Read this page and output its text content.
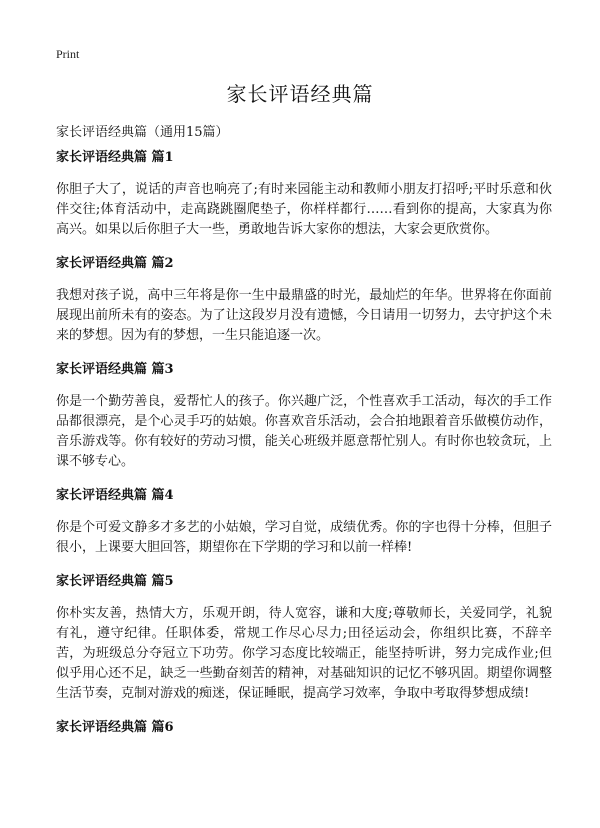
Print
家长评语经典篇
家长评语经典篇（通用15篇）
家长评语经典篇 篇1

你胆子大了，说话的声音也响亮了;有时来园能主动和教师小朋友打招呼;平时乐意和伙伴交往;体育活动中，走高跷跳圈爬垫子，你样样都行……看到你的提高，大家真为你高兴。如果以后你胆子大一些，勇敢地告诉大家你的想法，大家会更欣赏你。

家长评语经典篇 篇2

我想对孩子说，高中三年将是你一生中最鼎盛的时光，最灿烂的年华。世界将在你面前展现出前所未有的姿态。为了让这段岁月没有遗憾，今日请用一切努力，去守护这个未来的梦想。因为有的梦想，一生只能追逐一次。

家长评语经典篇 篇3

你是一个勤劳善良，爱帮忙人的孩子。你兴趣广泛，个性喜欢手工活动，每次的手工作品都很漂亮，是个心灵手巧的姑娘。你喜欢音乐活动，会合拍地跟着音乐做模仿动作，音乐游戏等。你有较好的劳动习惯，能关心班级并愿意帮忙别人。有时你也较贪玩，上课不够专心。

家长评语经典篇 篇4

你是个可爱文静多才多艺的小姑娘，学习自觉，成绩优秀。你的字也得十分棒，但胆子很小，上课要大胆回答，期望你在下学期的学习和以前一样棒!

家长评语经典篇 篇5

你朴实友善，热情大方，乐观开朗，待人宽容，谦和大度;尊敬师长，关爱同学，礼貌有礼，遵守纪律。任职体委，常规工作尽心尽力;田径运动会，你组织比赛，不辞辛苦，为班级总分夺冠立下功劳。你学习态度比较端正，能坚持听讲，努力完成作业;但似乎用心还不足，缺乏一些勤奋刻苦的精神，对基础知识的记忆不够巩固。期望你调整生活节奏，克制对游戏的痴迷，保证睡眠，提高学习效率，争取中考取得梦想成绩!

家长评语经典篇 篇6
